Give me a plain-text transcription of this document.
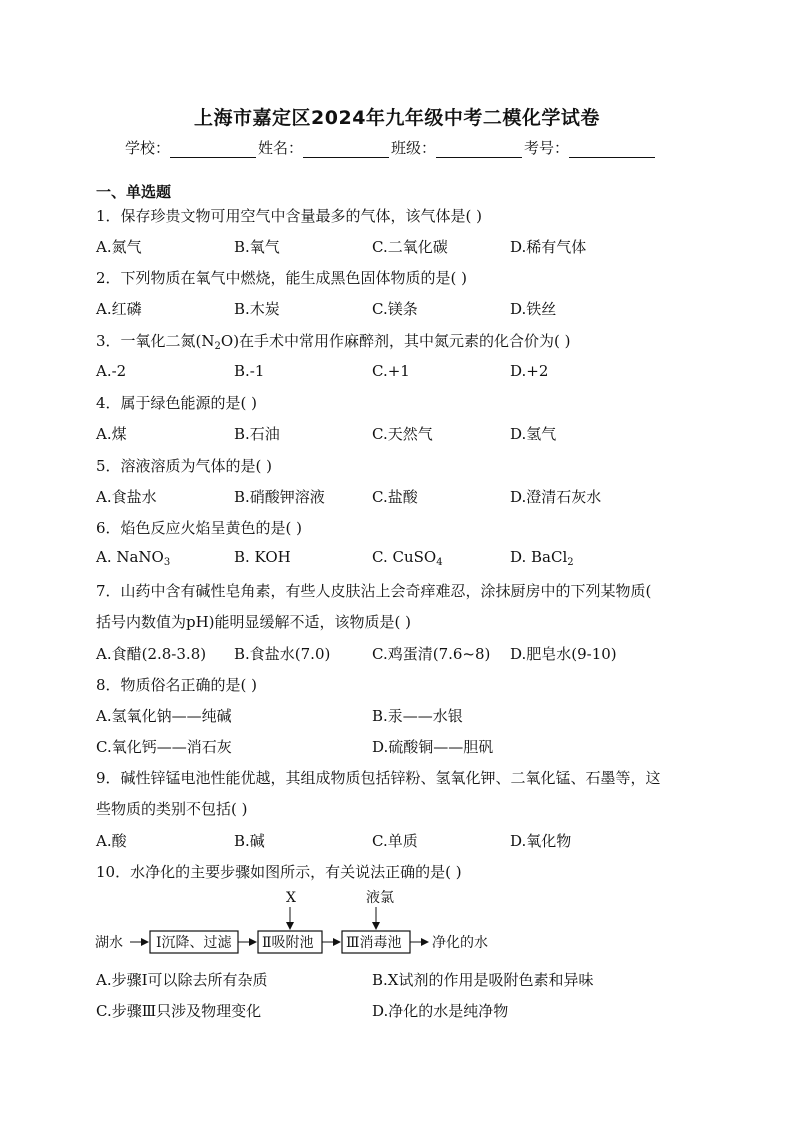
上海市嘉定区2024年九年级中考二模化学试卷
学校：	姓名：	班级：	考号：
一、单选题
1．保存珍贵文物可用空气中含量最多的气体，该气体是( )
A.氮气	B.氧气	C.二氧化碳	D.稀有气体
2．下列物质在氧气中燃烧，能生成黑色固体物质的是( )
A.红磷	B.木炭	C.镁条	D.铁丝
3．一氧化二氮$(N_2O)$在手术中常用作麻醉剂，其中氮元素的化合价为( )
A.-2	B.-1	C.+1	D.+2
4．属于绿色能源的是( )
A.煤	B.石油	C.天然气	D.氢气
5．溶液溶质为气体的是( )
A.食盐水	B.硝酸钾溶液	C.盐酸	D.澄清石灰水
6．焰色反应火焰呈黄色的是( )
A. NaNO$_3$	B. KOH	C. CuSO$_4$	D. BaCl$_2$
7．山药中含有碱性皂角素，有些人皮肤沾上会奇痒难忍，涂抹厨房中的下列某物质(
括号内数值为pH)能明显缓解不适，该物质是( )
A.食醋(2.8-3.8) B.食盐水(7.0)	C.鸡蛋清(7.6~8) D.肥皂水(9-10)
8．物质俗名正确的是( )
A.氢氧化钠——纯碱	B.汞——水银
C.氧化钙——消石灰	D.硫酸铜——胆矾
9．碱性锌锰电池性能优越，其组成物质包括锌粉、氢氧化钾、二氧化锰、石墨等，这
些物质的类别不包括( )
A.酸	B.碱	C.单质	D.氧化物
10．水净化的主要步骤如图所示，有关说法正确的是( )
湖水 Ⅰ沉降、过滤 Ⅱ吸附池 Ⅲ消毒池 净化的水
X	液氯
A.步骤Ⅰ可以除去所有杂质	B.X试剂的作用是吸附色素和异味
C.步骤Ⅲ只涉及物理变化	D.净化的水是纯净物
